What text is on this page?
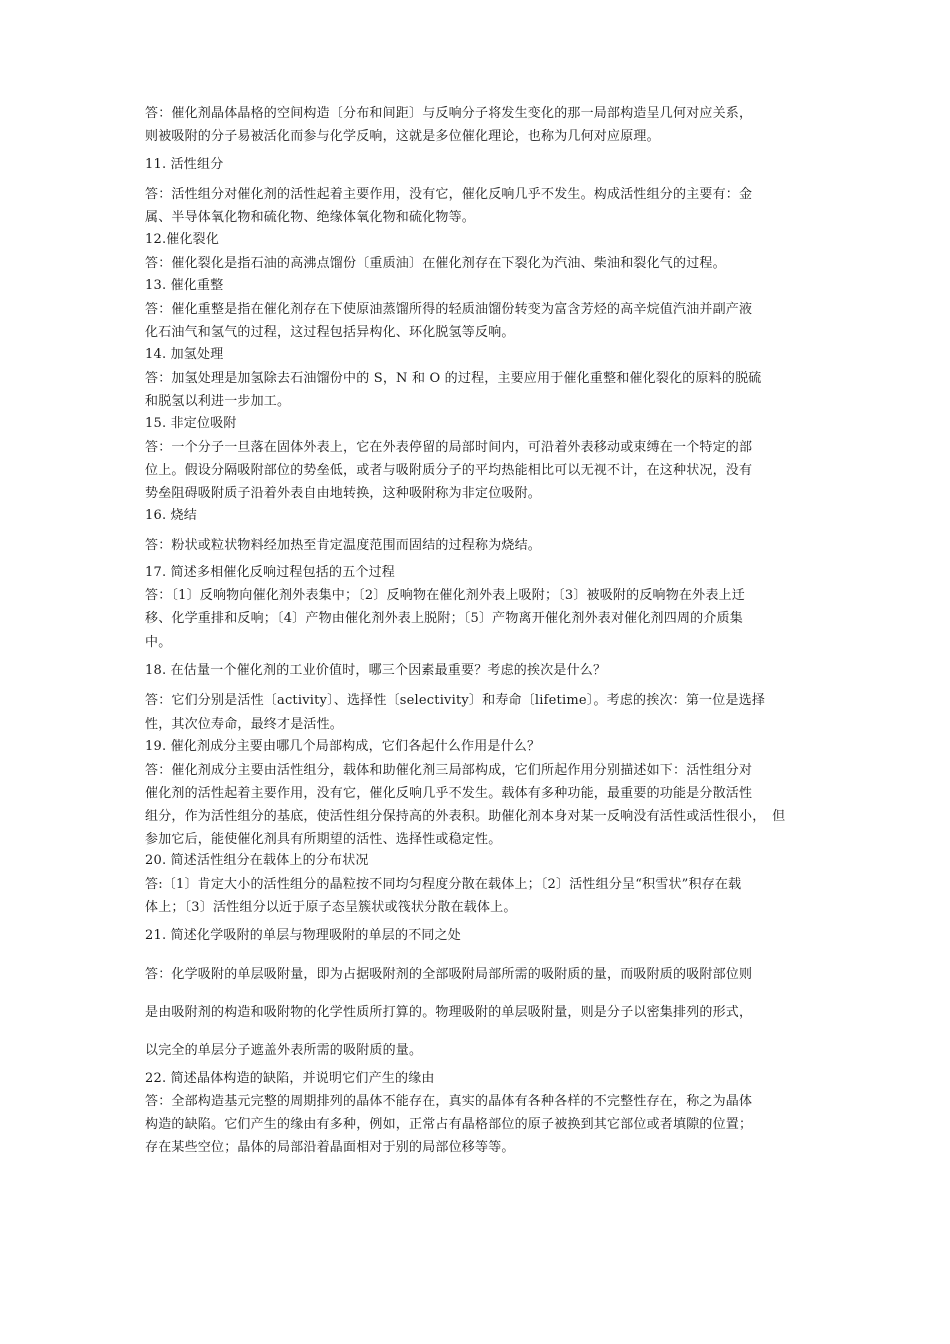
答：催化剂晶体晶格的空间构造〔分布和间距〕与反响分子将发生变化的那一局部构造呈几何对应关系，
则被吸附的分子易被活化而参与化学反响，这就是多位催化理论，也称为几何对应原理。
11. 活性组分
答：活性组分对催化剂的活性起着主要作用，没有它，催化反响几乎不发生。构成活性组分的主要有：金
属、半导体氧化物和硫化物、绝缘体氧化物和硫化物等。
12.催化裂化
答：催化裂化是指石油的高沸点馏份〔重质油〕在催化剂存在下裂化为汽油、柴油和裂化气的过程。
13. 催化重整
答：催化重整是指在催化剂存在下使原油蒸馏所得的轻质油馏份转变为富含芳烃的高辛烷值汽油并副产液
化石油气和氢气的过程，这过程包括异构化、环化脱氢等反响。
14. 加氢处理
答：加氢处理是加氢除去石油馏份中的 S，N 和 O 的过程，主要应用于催化重整和催化裂化的原料的脱硫
和脱氢以利进一步加工。
15. 非定位吸附
答：一个分子一旦落在固体外表上，它在外表停留的局部时间内，可沿着外表移动或束缚在一个特定的部
位上。假设分隔吸附部位的势垒低，或者与吸附质分子的平均热能相比可以无视不计，在这种状况，没有
势垒阻碍吸附质子沿着外表自由地转换，这种吸附称为非定位吸附。
16. 烧结
答：粉状或粒状物料经加热至肯定温度范围而固结的过程称为烧结。
17. 简述多相催化反响过程包括的五个过程
答：〔1〕反响物向催化剂外表集中；〔2〕反响物在催化剂外表上吸附；〔3〕被吸附的反响物在外表上迁
移、化学重排和反响；〔4〕产物由催化剂外表上脱附；〔5〕产物离开催化剂外表对催化剂四周的介质集
中。
18. 在估量一个催化剂的工业价值时，哪三个因素最重要？考虑的挨次是什么？
答：它们分别是活性〔activity〕、选择性〔selectivity〕和寿命〔lifetime〕。考虑的挨次：第一位是选择
性，其次位寿命，最终才是活性。
19. 催化剂成分主要由哪几个局部构成，它们各起什么作用是什么？
答：催化剂成分主要由活性组分，载体和助催化剂三局部构成，它们所起作用分别描述如下：活性组分对
催化剂的活性起着主要作用，没有它，催化反响几乎不发生。载体有多种功能，最重要的功能是分散活性
组分，作为活性组分的基底，使活性组分保持高的外表积。助催化剂本身对某一反响没有活性或活性很小，　但
参加它后，能使催化剂具有所期望的活性、选择性或稳定性。
20. 简述活性组分在载体上的分布状况
答:〔1〕肯定大小的活性组分的晶粒按不同均匀程度分散在载体上；〔2〕活性组分呈“积雪状”积存在载
体上；〔3〕活性组分以近于原子态呈簇状或筏状分散在载体上。
21. 简述化学吸附的单层与物理吸附的单层的不同之处
答：化学吸附的单层吸附量，即为占据吸附剂的全部吸附局部所需的吸附质的量，而吸附质的吸附部位则
是由吸附剂的构造和吸附物的化学性质所打算的。物理吸附的单层吸附量，则是分子以密集排列的形式，
以完全的单层分子遮盖外表所需的吸附质的量。
22. 简述晶体构造的缺陷，并说明它们产生的缘由
答：全部构造基元完整的周期排列的晶体不能存在，真实的晶体有各种各样的不完整性存在，称之为晶体
构造的缺陷。它们产生的缘由有多种，例如，正常占有晶格部位的原子被换到其它部位或者填隙的位置；
存在某些空位；晶体的局部沿着晶面相对于别的局部位移等等。
